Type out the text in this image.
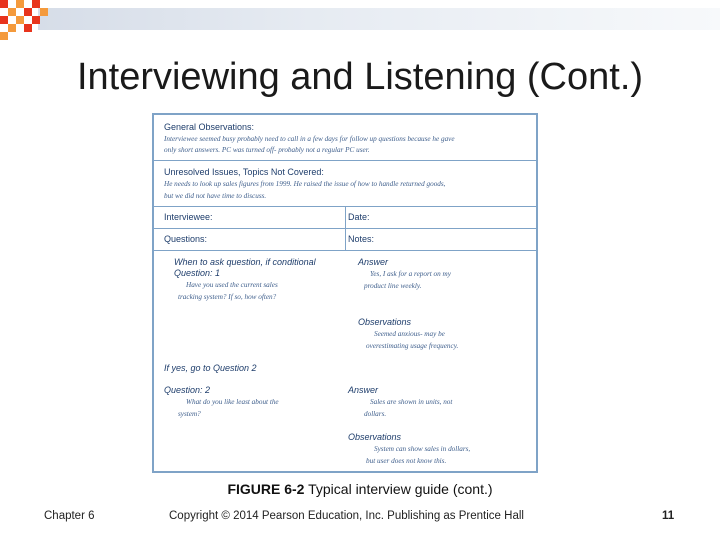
Interviewing and Listening (Cont.)
General Observations:
Interviewee seemed busy probably need to call in a few days for follow up questions because he gave
only short answers. PC was turned off- probably not a regular PC user.
Unresolved Issues, Topics Not Covered:
He needs to look up sales figures from 1999. He raised the issue of how to handle returned goods,
but we did not have time to discuss.
Interviewee:	Date:
Questions:	Notes:
When to ask question, if conditional
Question: 1
Have you used the current sales
tracking system? If so, how often?
Answer
Yes, I ask for a report on my
product line weekly.
Observations
Seemed anxious- may be
overestimating usage frequency.
If yes, go to Question 2
Question: 2
What do you like least about the
system?
Answer
Sales are shown in units, not
dollars.
Observations
System can show sales in dollars,
but user does not know this.
FIGURE 6-2 Typical interview guide (cont.)
Chapter 6	Copyright © 2014 Pearson Education, Inc. Publishing as Prentice Hall	11
